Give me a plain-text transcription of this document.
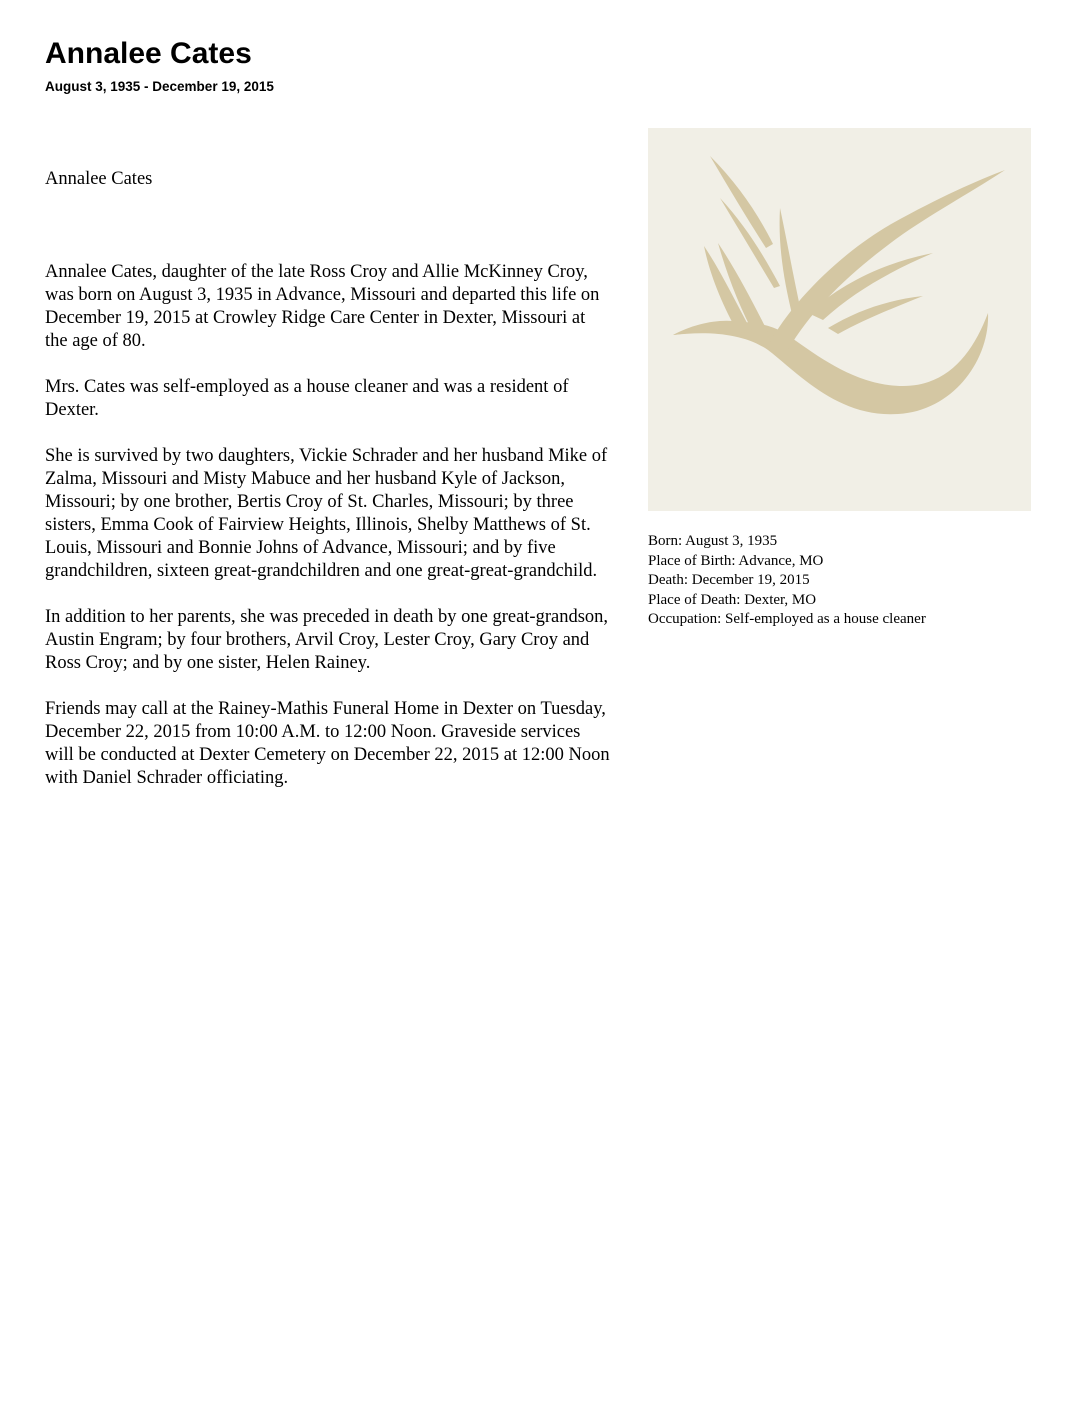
Annalee Cates
August 3, 1935 - December 19, 2015

Annalee Cates

Annalee Cates, daughter of the late Ross Croy and Allie McKinney Croy, was born on August 3, 1935 in Advance, Missouri and departed this life on December 19, 2015 at Crowley Ridge Care Center in Dexter, Missouri at the age of 80.

Mrs. Cates was self-employed as a house cleaner and was a resident of Dexter.

She is survived by two daughters, Vickie Schrader and her husband Mike of Zalma, Missouri and Misty Mabuce and her husband Kyle of Jackson, Missouri; by one brother, Bertis Croy of St. Charles, Missouri; by three sisters, Emma Cook of Fairview Heights, Illinois, Shelby Matthews of St. Louis, Missouri and Bonnie Johns of Advance, Missouri; and by five grandchildren, sixteen great-grandchildren and one great-great-grandchild.

In addition to her parents, she was preceded in death by one great-grandson, Austin Engram; by four brothers, Arvil Croy, Lester Croy, Gary Croy and Ross Croy; and by one sister, Helen Rainey.

Friends may call at the Rainey-Mathis Funeral Home in Dexter on Tuesday, December 22, 2015 from 10:00 A.M. to 12:00 Noon. Graveside services will be conducted at Dexter Cemetery on December 22, 2015 at 12:00 Noon with Daniel Schrader officiating.

Born: August 3, 1935
Place of Birth: Advance, MO
Death: December 19, 2015
Place of Death: Dexter, MO
Occupation: Self-employed as a house cleaner
